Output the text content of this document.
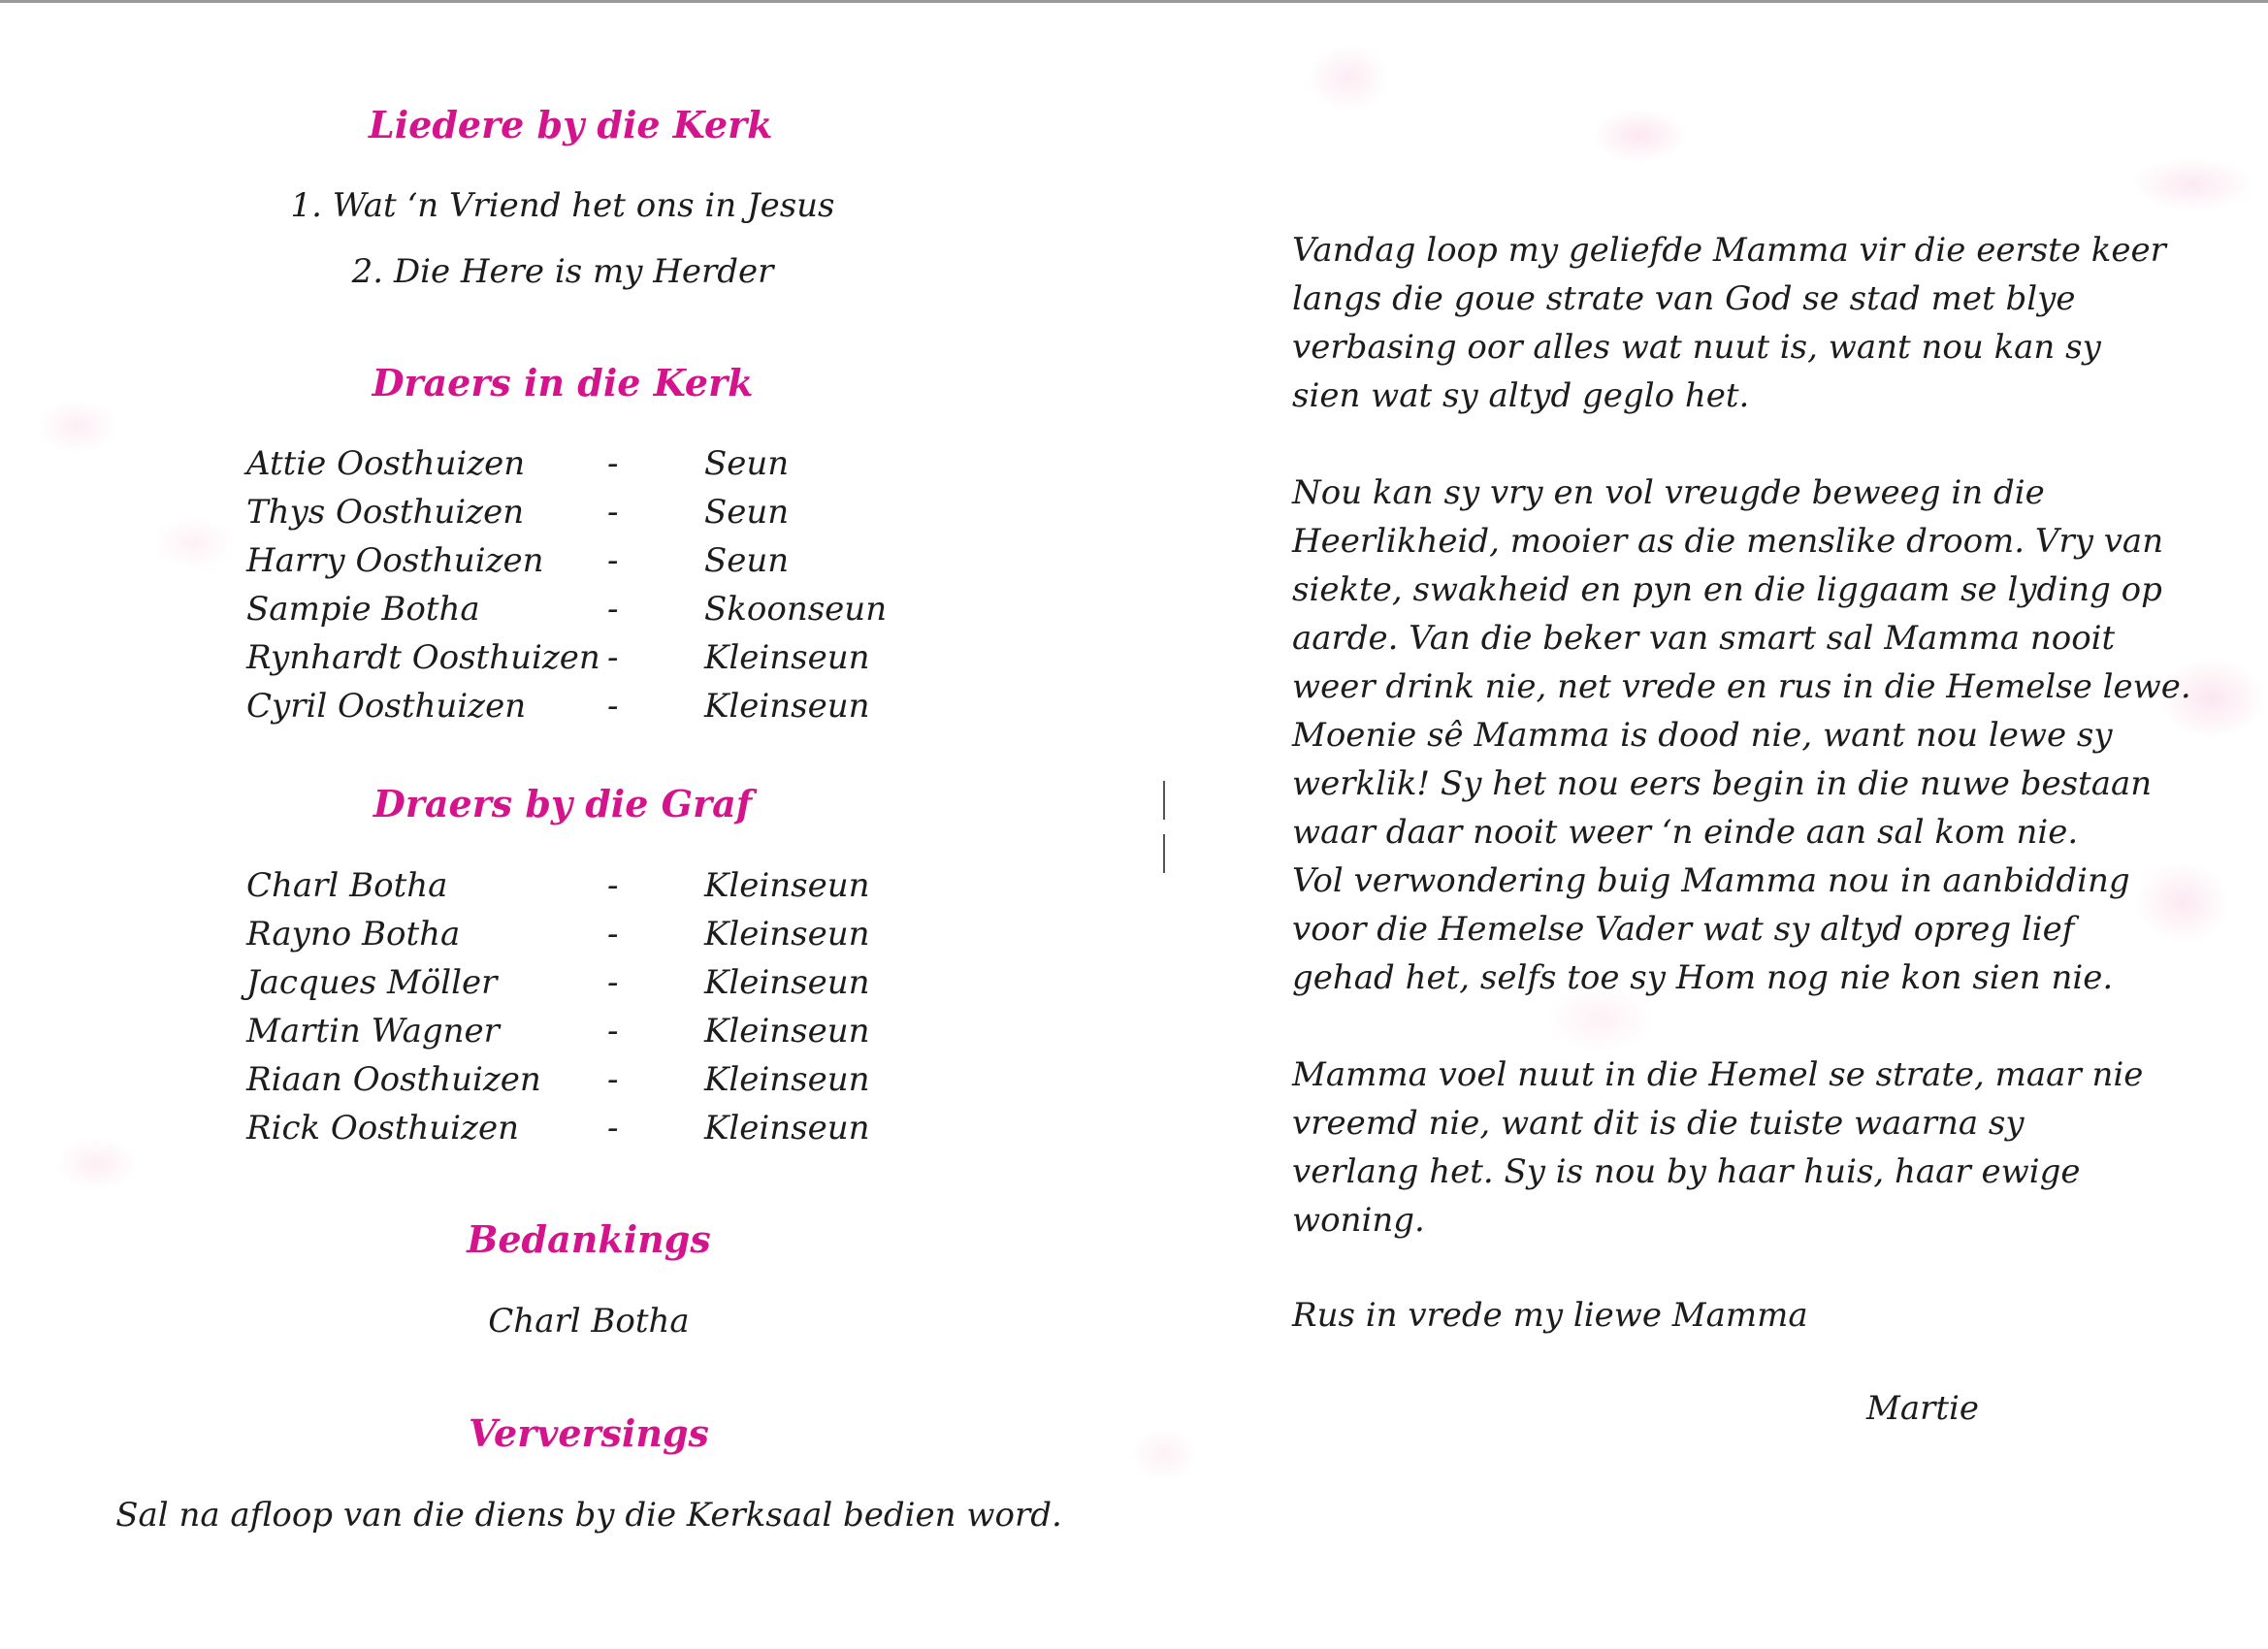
Liedere by die Kerk
1. Wat ‘n Vriend het ons in Jesus
2. Die Here is my Herder
Draers in die Kerk
Attie Oosthuizen -	Seun
Thys Oosthuizen	-	Seun
Harry Oosthuizen -	Seun
Sampie Botha	-	Skoonseun
Rynhardt Oosthuizen -	Kleinseun
Cyril Oosthuizen -	Kleinseun
Draers by die Graf
Charl Botha	-	Kleinseun
Rayno Botha	-	Kleinseun
Jacques Möller	-	Kleinseun
Martin Wagner	-	Kleinseun
Riaan Oosthuizen -	Kleinseun
Rick Oosthuizen	-	Kleinseun
Bedankings
Charl Botha
Verversings
Sal na afloop van die diens by die Kerksaal bedien word.
Vandag loop my geliefde Mamma vir die eerste keer
langs die goue strate van God se stad met blye
verbasing oor alles wat nuut is, want nou kan sy
sien wat sy altyd geglo het.
Nou kan sy vry en vol vreugde beweeg in die
Heerlikheid, mooier as die menslike droom. Vry van
siekte, swakheid en pyn en die liggaam se lyding op
aarde. Van die beker van smart sal Mamma nooit
weer drink nie, net vrede en rus in die Hemelse lewe.
Moenie sê Mamma is dood nie, want nou lewe sy
werklik! Sy het nou eers begin in die nuwe bestaan
waar daar nooit weer ‘n einde aan sal kom nie.
Vol verwondering buig Mamma nou in aanbidding
voor die Hemelse Vader wat sy altyd opreg lief
gehad het, selfs toe sy Hom nog nie kon sien nie.
Mamma voel nuut in die Hemel se strate, maar nie
vreemd nie, want dit is die tuiste waarna sy
verlang het. Sy is nou by haar huis, haar ewige
woning.
Rus in vrede my liewe Mamma
Martie
